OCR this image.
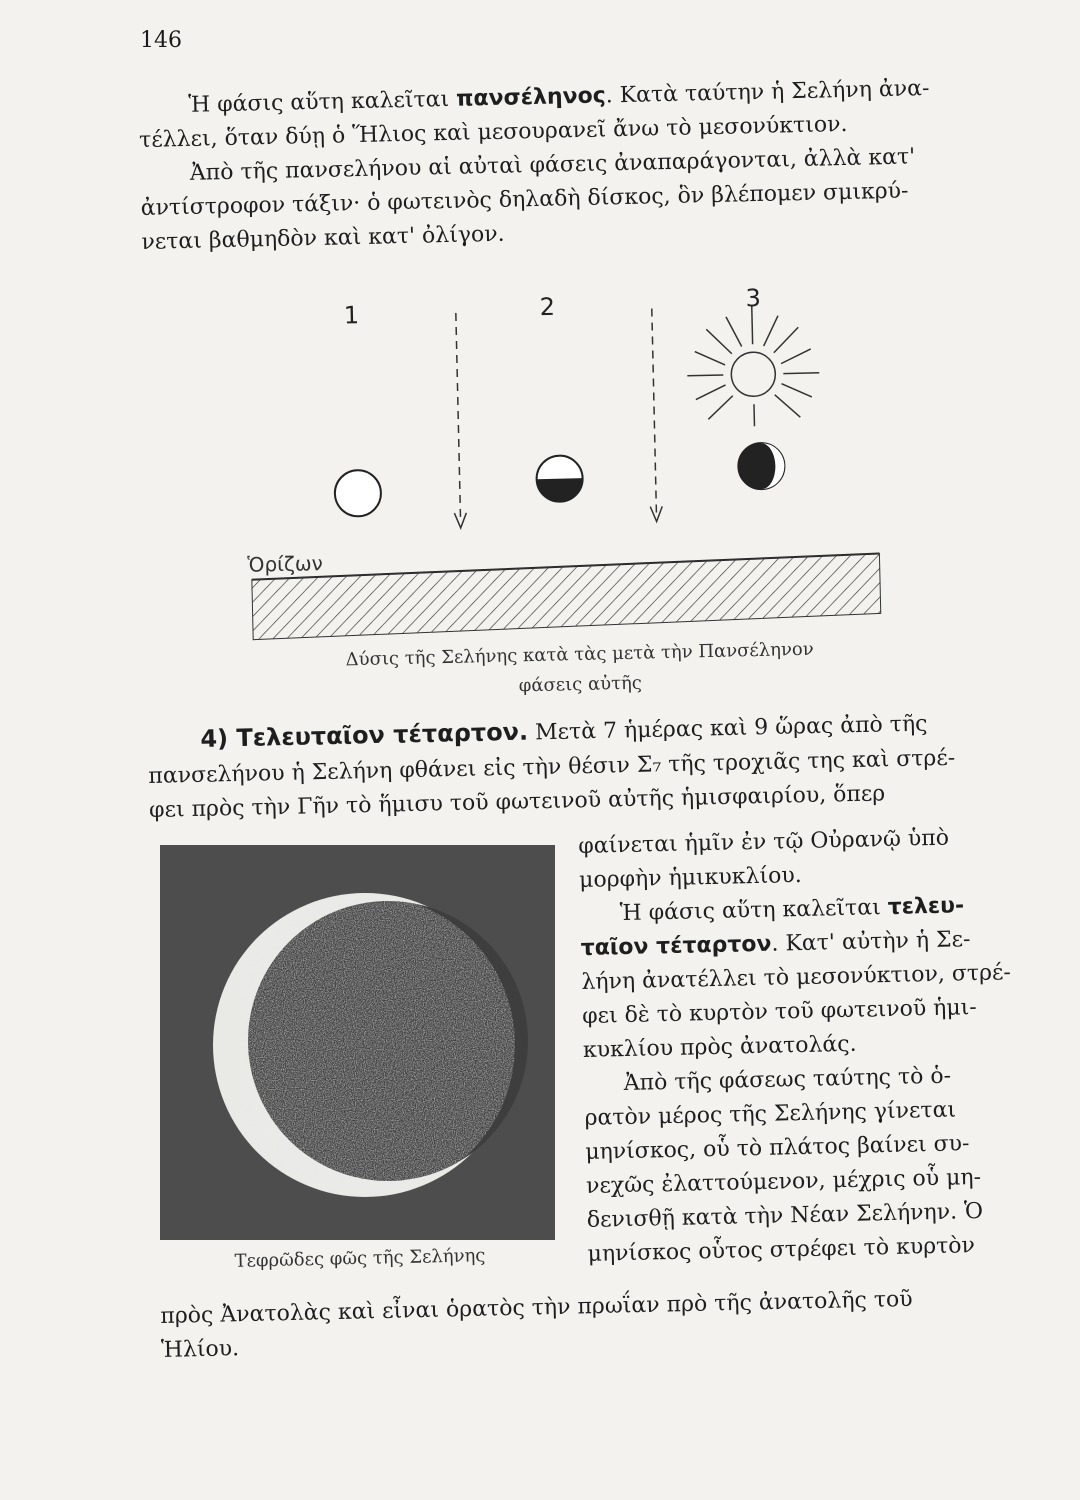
146
Ἡ φάσις αὕτη καλεῖται πανσέληνος. Κατὰ ταύτην ἡ Σελήνη ἀνα-
τέλλει, ὅταν δύῃ ὁ Ἥλιος καὶ μεσουρανεῖ ἄνω τὸ μεσονύκτιον.
Ἀπὸ τῆς πανσελήνου αἱ αὐταὶ φάσεις ἀναπαράγονται, ἀλλὰ κατ'
ἀντίστροφον τάξιν· ὁ φωτεινὸς δηλαδὴ δίσκος, ὃν βλέπομεν σμικρύ-
νεται βαθμηδὸν καὶ κατ' ὀλίγον.
1	2	3
Ὁρίζων
Δύσις τῆς Σελήνης κατὰ τὰς μετὰ τὴν Πανσέληνον
φάσεις αὐτῆς
4) Τελευταῖον τέταρτον. Μετὰ 7 ἡμέρας καὶ 9 ὥρας ἀπὸ τῆς
πανσελήνου ἡ Σελήνη φθάνει εἰς τὴν θέσιν Σ₇ τῆς τροχιᾶς της καὶ στρέ-
φει πρὸς τὴν Γῆν τὸ ἥμισυ τοῦ φωτεινοῦ αὐτῆς ἡμισφαιρίου, ὅπερ
φαίνεται ἡμῖν ἐν τῷ Οὐρανῷ ὑπὸ
μορφὴν ἡμικυκλίου.
Ἡ φάσις αὕτη καλεῖται τελευ-
ταῖον τέταρτον. Κατ' αὐτὴν ἡ Σε-
λήνη ἀνατέλλει τὸ μεσονύκτιον, στρέ-
φει δὲ τὸ κυρτὸν τοῦ φωτεινοῦ ἡμι-
κυκλίου πρὸς ἀνατολάς.
Ἀπὸ τῆς φάσεως ταύτης τὸ ὁ-
ρατὸν μέρος τῆς Σελήνης γίνεται
μηνίσκος, οὗ τὸ πλάτος βαίνει συ-
νεχῶς ἐλαττούμενον, μέχρις οὗ μη-
δενισθῇ κατὰ τὴν Νέαν Σελήνην. Ὁ
μηνίσκος οὗτος στρέφει τὸ κυρτὸν
Τεφρῶδες φῶς τῆς Σελήνης
πρὸς Ἀνατολὰς καὶ εἶναι ὁρατὸς τὴν πρωΐαν πρὸ τῆς ἀνατολῆς τοῦ
Ἡλίου.
